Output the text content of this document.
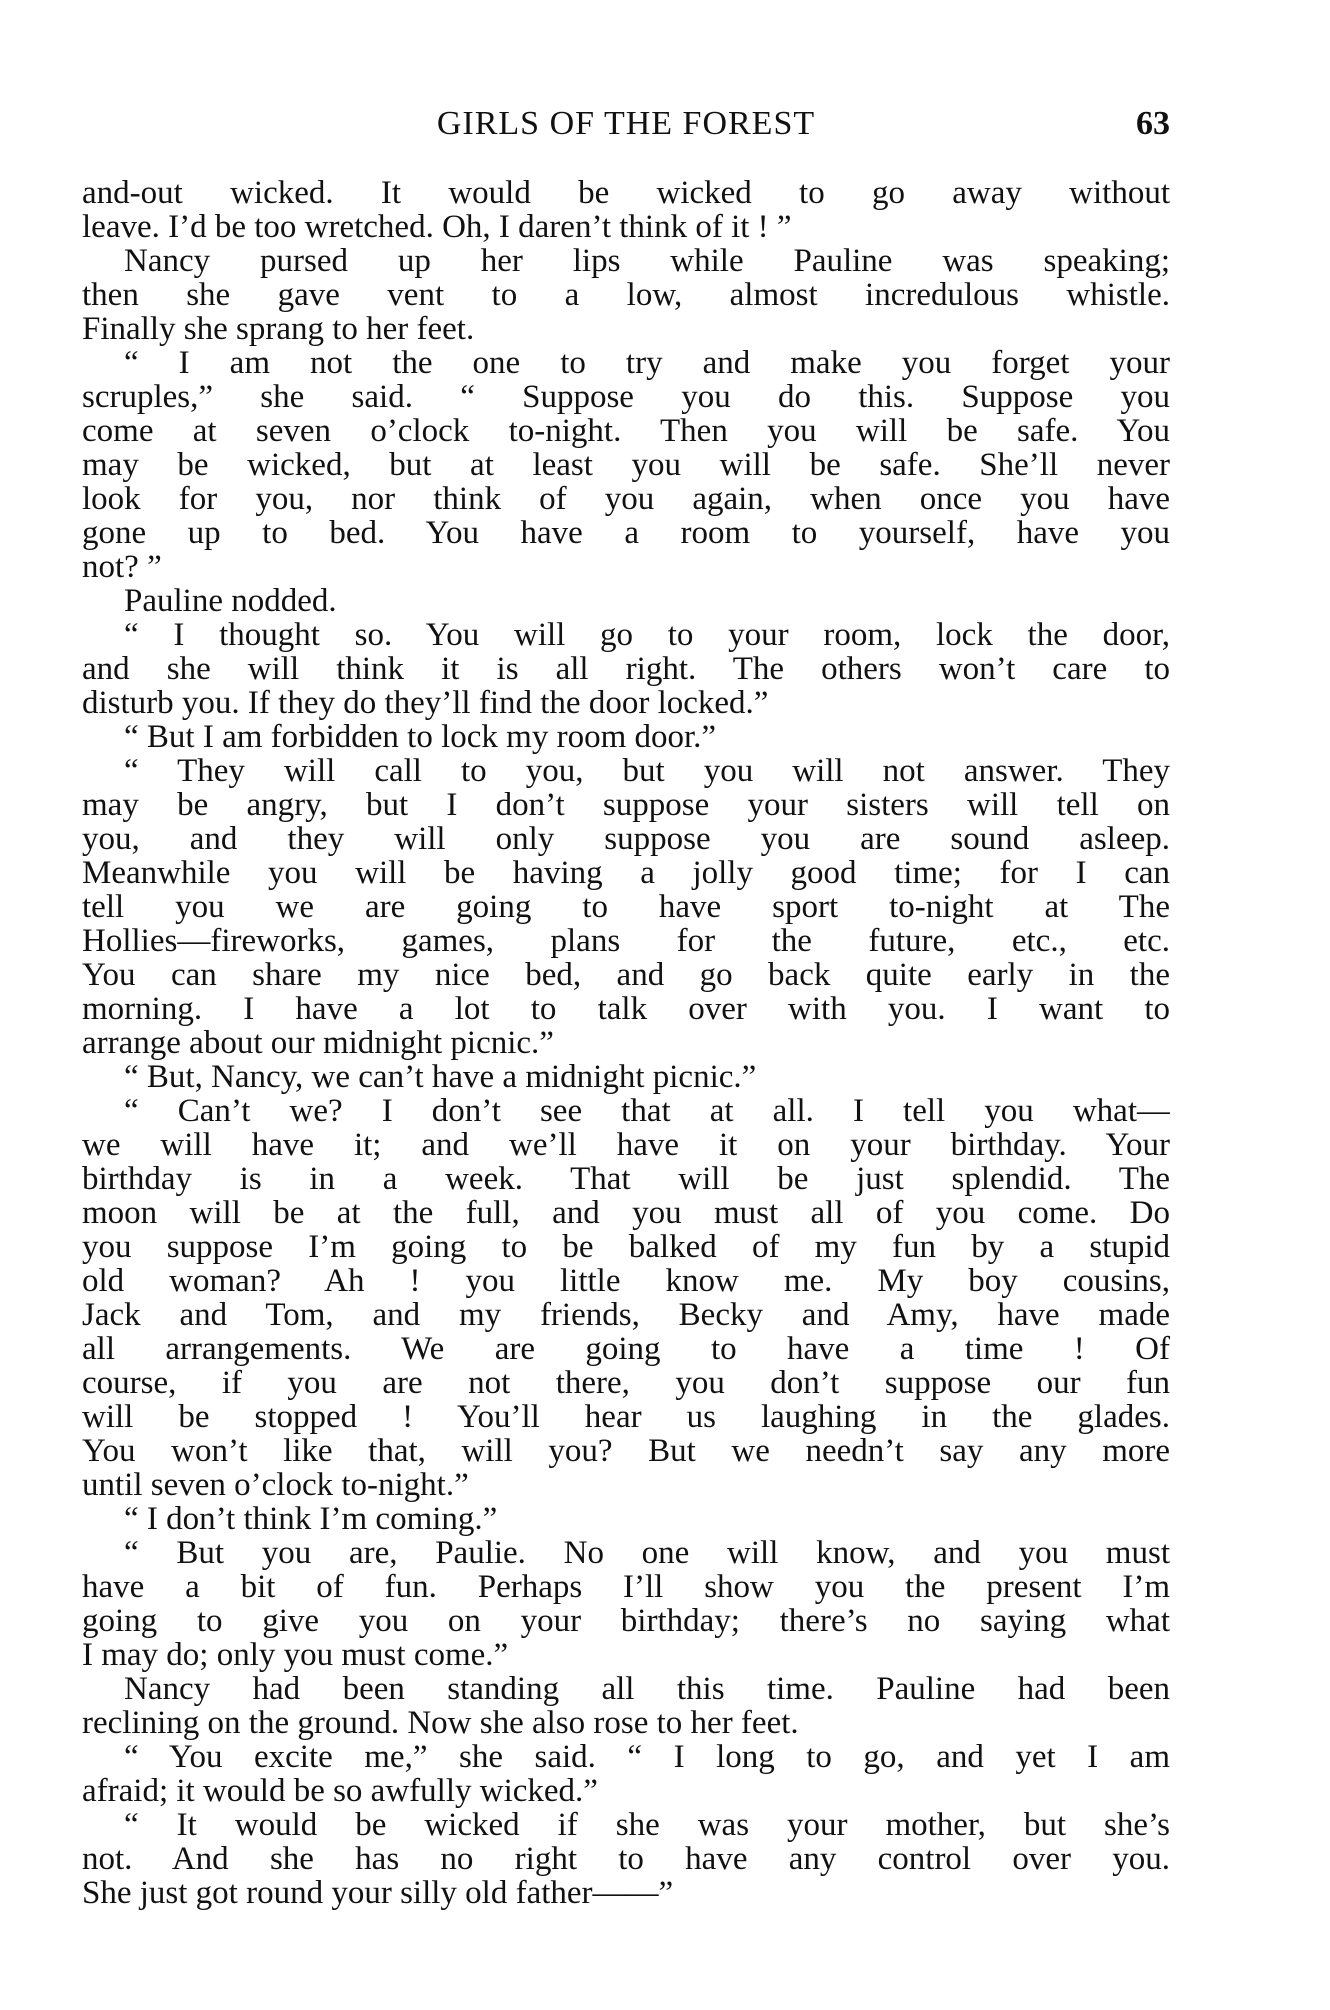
GIRLS OF THE FOREST	63
and-out wicked. It would be wicked to go away without
leave. I’d be too wretched. Oh, I daren’t think of it ! ”
Nancy pursed up her lips while Pauline was speaking;
then she gave vent to a low, almost incredulous whistle.
Finally she sprang to her feet.
“ I am not the one to try and make you forget your
scruples,” she said. “ Suppose you do this. Suppose you
come at seven o’clock to-night. Then you will be safe. You
may be wicked, but at least you will be safe. She’ll never
look for you, nor think of you again, when once you have
gone up to bed. You have a room to yourself, have you
not? ”
Pauline nodded.
“ I thought so. You will go to your room, lock the door,
and she will think it is all right. The others won’t care to
disturb you. If they do they’ll find the door locked.”
“ But I am forbidden to lock my room door.”
“ They will call to you, but you will not answer. They
may be angry, but I don’t suppose your sisters will tell on
you, and they will only suppose you are sound asleep.
Meanwhile you will be having a jolly good time; for I can
tell you we are going to have sport to-night at The
Hollies—fireworks, games, plans for the future, etc., etc.
You can share my nice bed, and go back quite early in the
morning. I have a lot to talk over with you. I want to
arrange about our midnight picnic.”
“ But, Nancy, we can’t have a midnight picnic.”
“ Can’t we? I don’t see that at all. I tell you what—
we will have it; and we’ll have it on your birthday. Your
birthday is in a week. That will be just splendid. The
moon will be at the full, and you must all of you come. Do
you suppose I’m going to be balked of my fun by a stupid
old woman? Ah ! you little know me. My boy cousins,
Jack and Tom, and my friends, Becky and Amy, have made
all arrangements. We are going to have a time ! Of
course, if you are not there, you don’t suppose our fun
will be stopped ! You’ll hear us laughing in the glades.
You won’t like that, will you? But we needn’t say any more
until seven o’clock to-night.”
“ I don’t think I’m coming.”
“ But you are, Paulie. No one will know, and you must
have a bit of fun. Perhaps I’ll show you the present I’m
going to give you on your birthday; there’s no saying what
I may do; only you must come.”
Nancy had been standing all this time. Pauline had been
reclining on the ground. Now she also rose to her feet.
“ You excite me,” she said. “ I long to go, and yet I am
afraid; it would be so awfully wicked.”
“ It would be wicked if she was your mother, but she’s
not. And she has no right to have any control over you.
She just got round your silly old father——”
